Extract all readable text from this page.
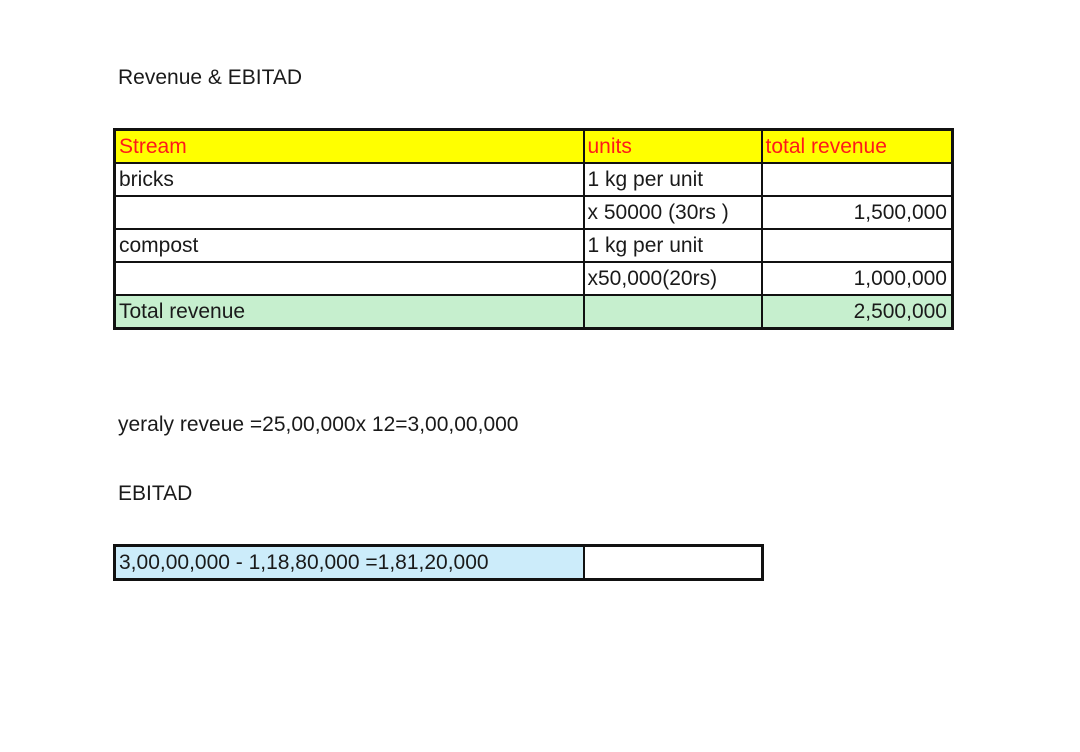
Revenue & EBITAD
Stream	units	total revenue
bricks	1 kg per unit	
	x 50000 (30rs )	1,500,000
compost	1 kg per unit	
	x50,000(20rs)	1,000,000
Total revenue		2,500,000
yeraly reveue =25,00,000x 12=3,00,00,000
EBITAD
3,00,00,000 - 1,18,80,000 =1,81,20,000	
